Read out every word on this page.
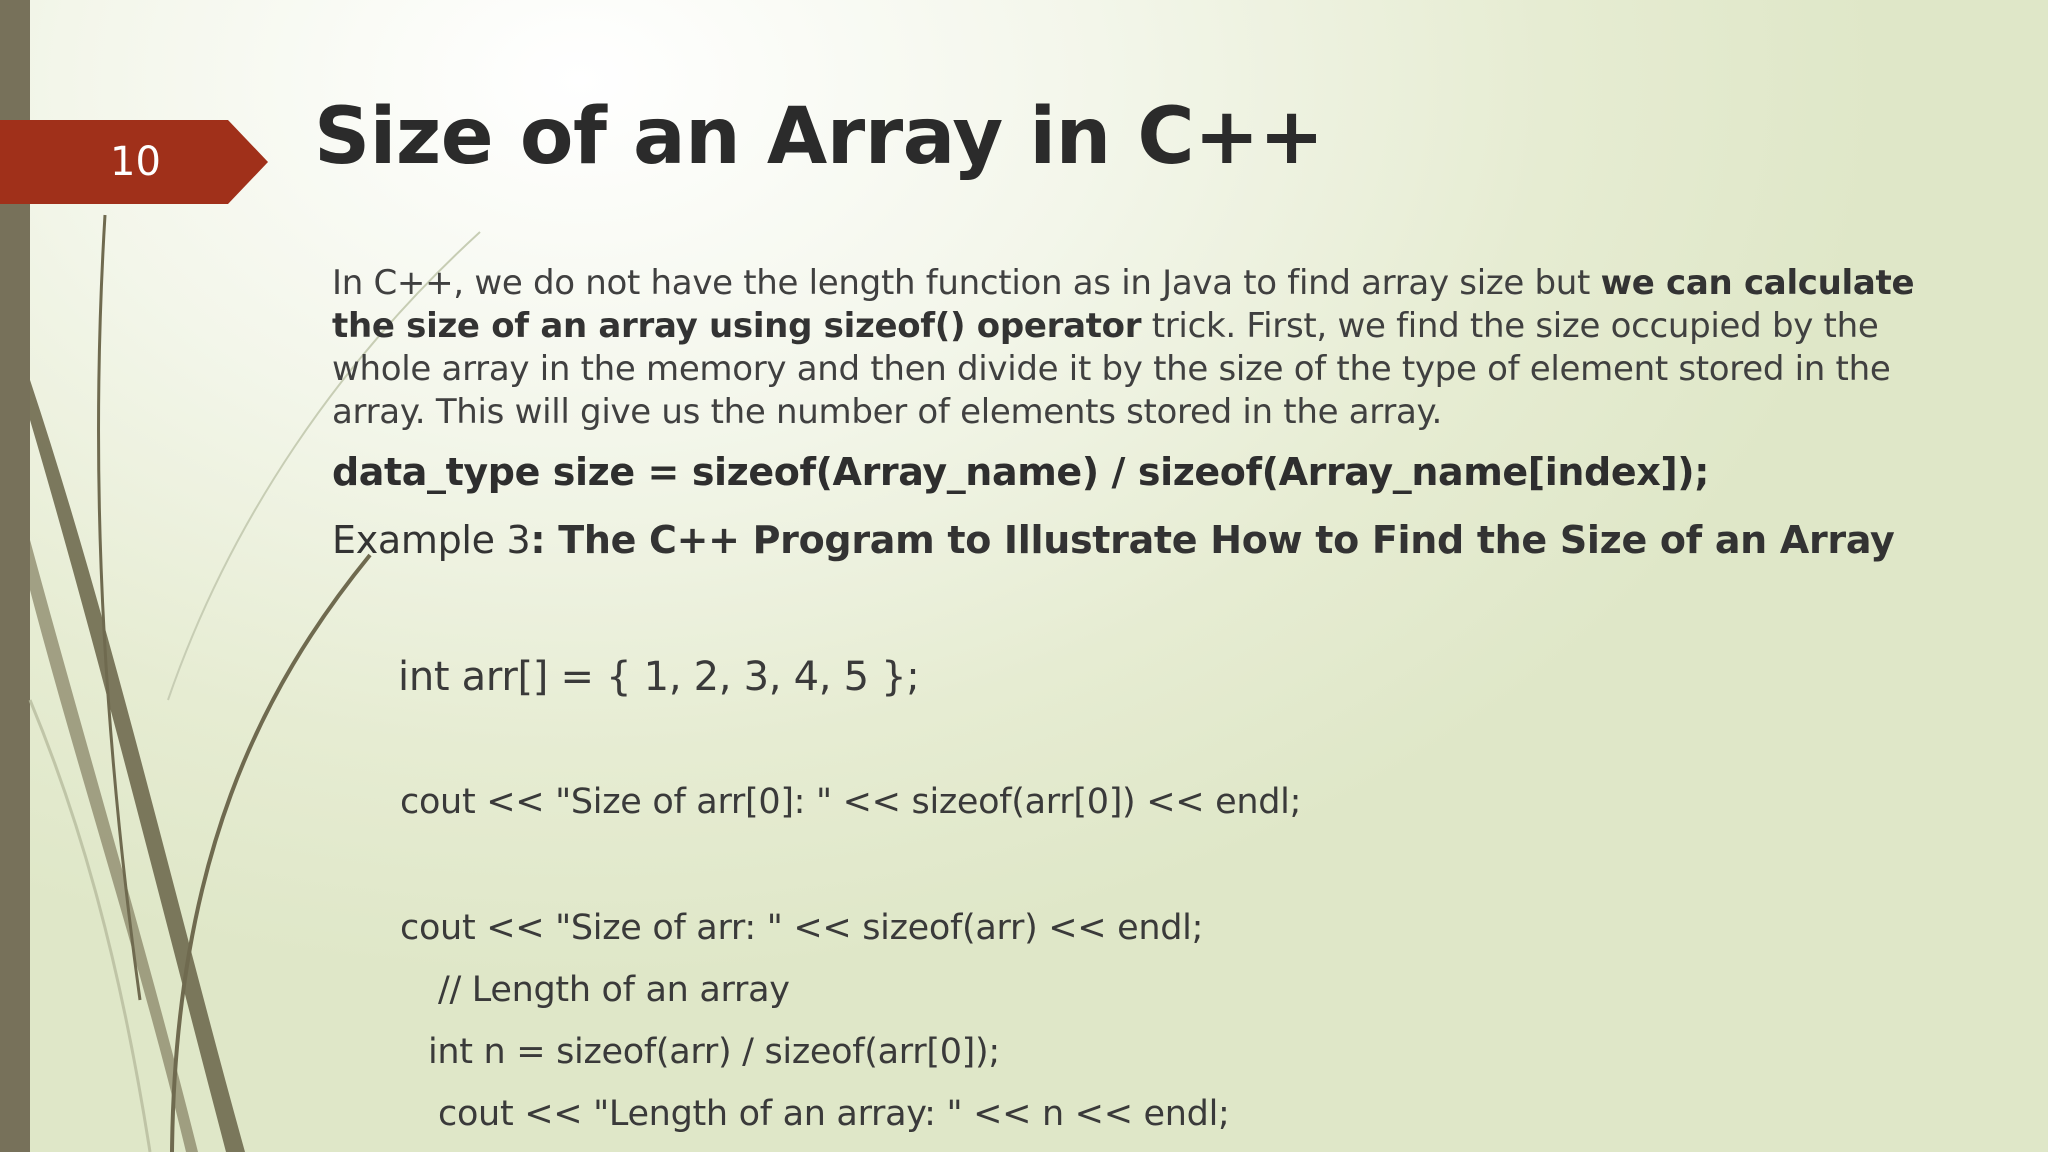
10	Size of an Array in C++
In C++, we do not have the length function as in Java to find array size but we can calculate the size of an array using sizeof() operator trick. First, we find the size occupied by the whole array in the memory and then divide it by the size of the type of element stored in the array. This will give us the number of elements stored in the array.
data_type size = sizeof(Array_name) / sizeof(Array_name[index]);
Example 3: The C++ Program to Illustrate How to Find the Size of an Array
int arr[] = { 1, 2, 3, 4, 5 };
cout << "Size of arr[0]: " << sizeof(arr[0]) << endl;
cout << "Size of arr: " << sizeof(arr) << endl;
// Length of an array
int n = sizeof(arr) / sizeof(arr[0]);
cout << "Length of an array: " << n << endl;
